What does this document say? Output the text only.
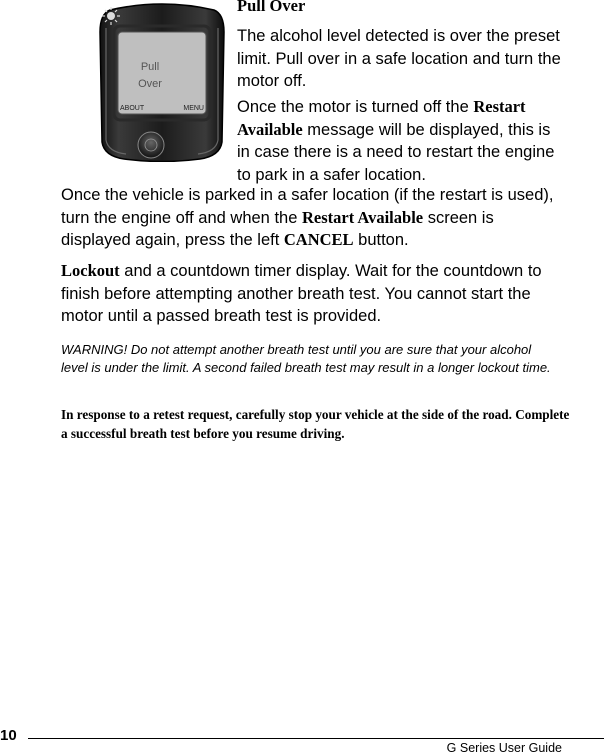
Pull
Over
ABOUT	MENU

Pull Over

The alcohol level detected is over the preset limit. Pull over in a safe location and turn the motor off.

Once the motor is turned off the Restart Available message will be displayed, this is in case there is a need to restart the engine to park in a safer location.

Once the vehicle is parked in a safer location (if the restart is used), turn the engine off and when the Restart Available screen is displayed again, press the left CANCEL button.

Lockout and a countdown timer display. Wait for the countdown to finish before attempting another breath test. You cannot start the motor until a passed breath test is provided.

WARNING! Do not attempt another breath test until you are sure that your alcohol level is under the limit. A second failed breath test may result in a longer lockout time.

In response to a retest request, carefully stop your vehicle at the side of the road. Complete a successful breath test before you resume driving.

10
G Series User Guide
